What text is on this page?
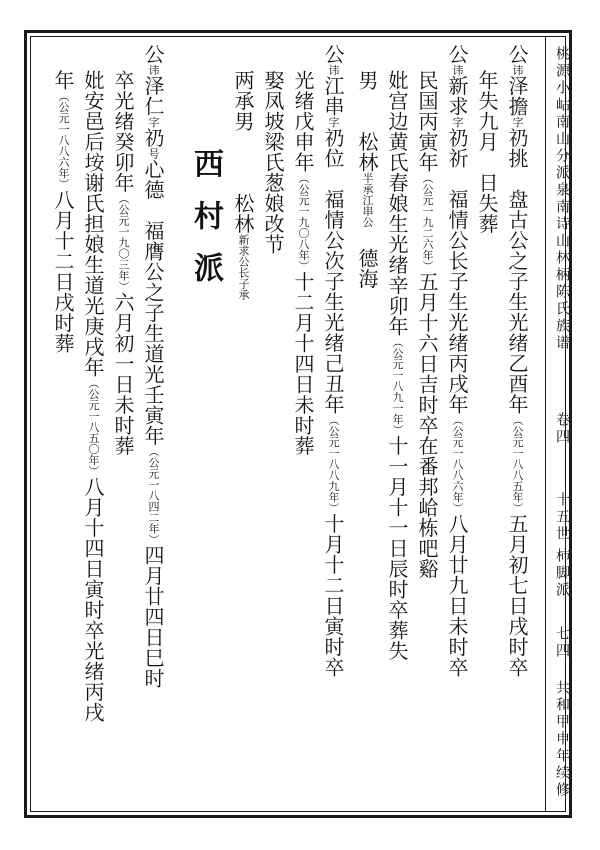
桃源小岵南山分派泉南诗山林柄陈氏族谱
卷四
十五世
柿脚派
七四
共和甲申年续修
公讳泽擔字礽挑　盘古公之子生光绪乙酉年（公元一八八五年）五月初七日戌时卒
年失九月　日失葬
公讳新求字礽祈　福情公长子生光绪丙戌年（公元一八八六年）八月廿九日未时卒
民国丙寅年（公元一九二六年）五月十六日吉时卒在番邦峆栋吧谿
妣宫边黄氏春娘生光绪辛卯年（公元一八九一年）十一月十一日辰时卒葬失
男　　松林半承江串公　德海
公讳江串字礽位　福情公次子生光绪己丑年（公元一八八九年）十月十二日寅时卒
光绪戊申年（公元一九〇八年）十二月十四日未时葬
娶凤坡梁氏葱娘改节
两承男　　　松林新求公长子承
西村派
公讳泽仁字礽号心德　福膺公之子生道光壬寅年（公元一八四二年）四月廿四日巳时
卒光绪癸卯年（公元一九〇三年）六月初一日未时葬
妣安邑后垵谢氏担娘生道光庚戌年（公元一八五〇年）八月十四日寅时卒光绪丙戌
年（公元一八八六年）八月十二日戌时葬
